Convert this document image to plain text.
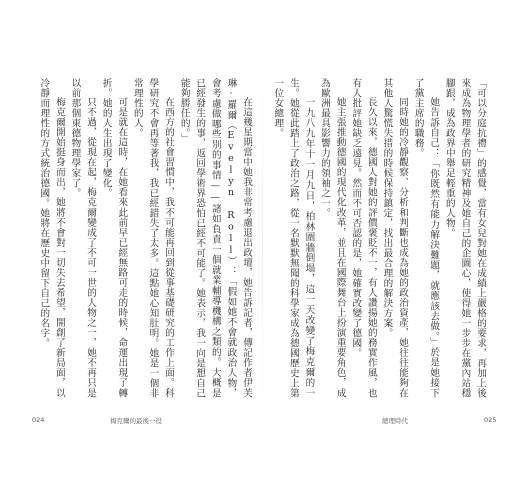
在這幾星期當中她我非常考慮退出政壇，她告訴記者，傳記作者伊芙琳·羅爾（Evelyn Roll）：「假如她不會就政治人物，會考慮做哪些別的事情——諸如負責一個就業輔導機構之類的。大概是已經發生的事，返回學術界恐怕已經不可能了。她表示，我一向是想自己能夠勝任的。」

在西方的社會習慣中，我不可能再回到從事基礎研究的工作上面。科學研究不會再等著我，我已經錯失了太多。這點她心知肚明。她是一個非常理性的人。

可是就在這時，在她看來此前早已經無路可走的時候，命運出現了轉折。她的人生出現了變化。

只不過，從現在起，梅克爾變成了不可一世的人物之一，她不再只是以前那個東德物理學家了。

梅克爾開始挺身而出，她將不會對一切失去希望，開創了新局面，以冷靜而理性的方式統治德國。她將在歷史中留下自己的名字。	「可以分庭抗禮」的感覺，當有女兒對她在成績上嚴格的要求，再加上後來成為物理學者的研究精神及她自己的企圖心，使得她一步步在黨內站穩腳跟，成為政界中舉足輕重的人物。

她告訴自己：「你既然有能力解決難題，就應該去做。」於是她接下了黨主席的職務。

同時她的冷靜觀察、分析和判斷也成為她的政治資產，她往往能夠在其他人驚慌失措的時候保持鎮定，找出最合理的解決方案。

長久以來，德國人對她的評價褒貶不一，有人讚揚她的務實作風，也有人批評她缺乏遠見。然而不可否認的是，她確實改變了德國。

她主張推動德國的現代化改革，並且在國際舞台上扮演重要角色，成為歐洲最具影響力的領袖之一。

一九八九年十一月九日，柏林圍牆倒塌，這一天改變了梅克爾的一生。她從此踏上了政治之路，從一名默默無聞的科學家成為德國歷史上第一位女總理。

024	梅克爾的最後一役	總理時代	025
